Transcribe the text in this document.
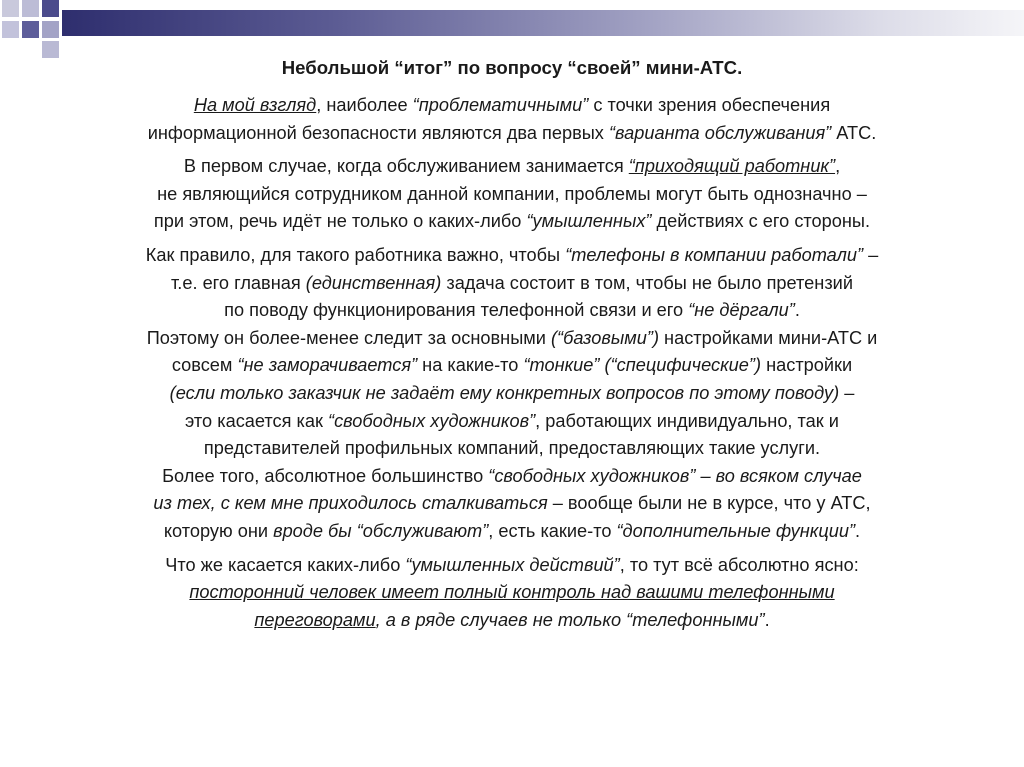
Небольшой “итог” по вопросу “своей” мини-АТС.
На мой взгляд, наиболее “проблематичными” с точки зрения обеспечения
информационной безопасности являются два первых “варианта обслуживания” АТС.
В первом случае, когда обслуживанием занимается “приходящий работник”,
не являющийся сотрудником данной компании, проблемы могут быть однозначно –
при этом, речь идёт не только о каких-либо “умышленных” действиях с его стороны.
Как правило, для такого работника важно, чтобы “телефоны в компании работали” –
т.е. его главная (единственная) задача состоит в том, чтобы не было претензий
по поводу функционирования телефонной связи и его “не дёргали”.
Поэтому он более-менее следит за основными (“базовыми”) настройками мини-АТС и
совсем “не заморачивается” на какие-то “тонкие” (“специфические”) настройки
(если только заказчик не задаёт ему конкретных вопросов по этому поводу) –
это касается как “свободных художников”, работающих индивидуально, так и
представителей профильных компаний, предоставляющих такие услуги.
Более того, абсолютное большинство “свободных художников” – во всяком случае
из тех, с кем мне приходилось сталкиваться – вообще были не в курсе, что у АТС,
которую они вроде бы “обслуживают”, есть какие-то “дополнительные функции”.
Что же касается каких-либо “умышленных действий”, то тут всё абсолютно ясно:
посторонний человек имеет полный контроль над вашими телефонными
переговорами, а в ряде случаев не только “телефонными”.
